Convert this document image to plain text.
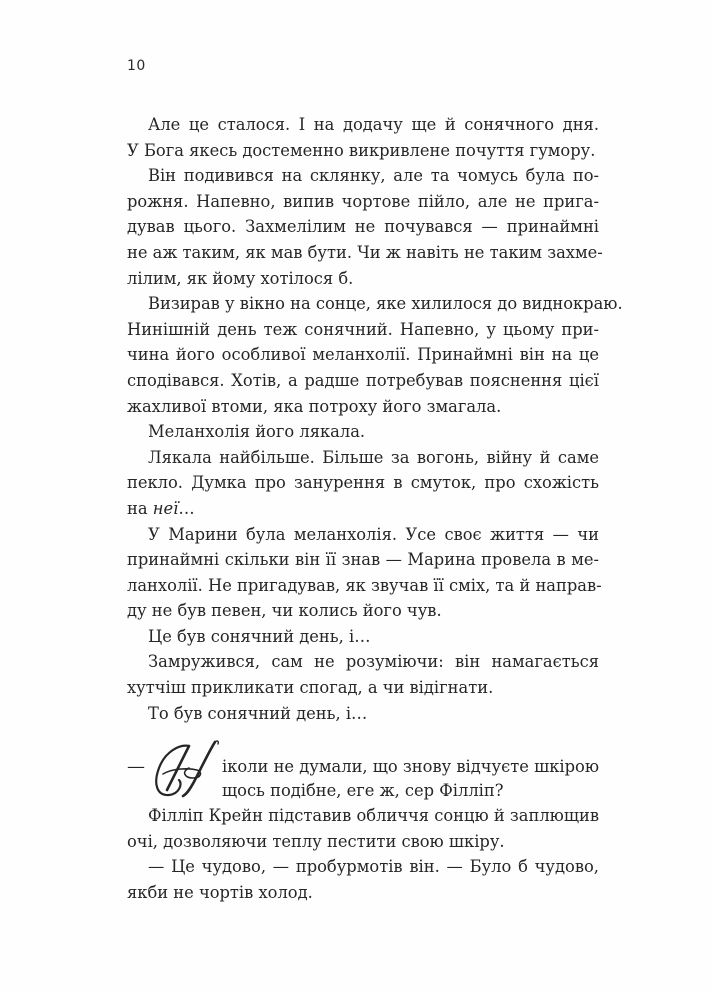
10
Але це сталося. І на додачу ще й сонячного дня.
У Бога якесь достеменно викривлене почуття гумору.
Він подивився на склянку, але та чомусь була по-
рожня. Напевно, випив чортове пійло, але не прига-
дував цього. Захмелілим не почувався — принаймні
не аж таким, як мав бути. Чи ж навіть не таким захме-
лілим, як йому хотілося б.
Визирав у вікно на сонце, яке хилилося до виднокраю.
Нинішній день теж сонячний. Напевно, у цьому при-
чина його особливої меланхолії. Принаймні він на це
сподівався. Хотів, а радше потребував пояснення цієї
жахливої втоми, яка потроху його змагала.
Меланхолія його лякала.
Лякала найбільше. Більше за вогонь, війну й саме
пекло. Думка про занурення в смуток, про схожість
на неї…
У Марини була меланхолія. Усе своє життя — чи
принаймні скільки він її знав — Марина провела в ме-
ланхолії. Не пригадував, як звучав її сміх, та й направ-
ду не був певен, чи колись його чув.
Це був сонячний день, і…
Замружився, сам не розуміючи: він намагається
хутчіш прикликати спогад, а чи відігнати.
То був сонячний день, і…
—	іколи не думали, що знову відчуєте шкірою
щось подібне, еге ж, сер Філліп?
Філліп Крейн підставив обличчя сонцю й заплющив
очі, дозволяючи теплу пестити свою шкіру.
— Це чудово, — пробурмотів він. — Було б чудово,
якби не чортів холод.
